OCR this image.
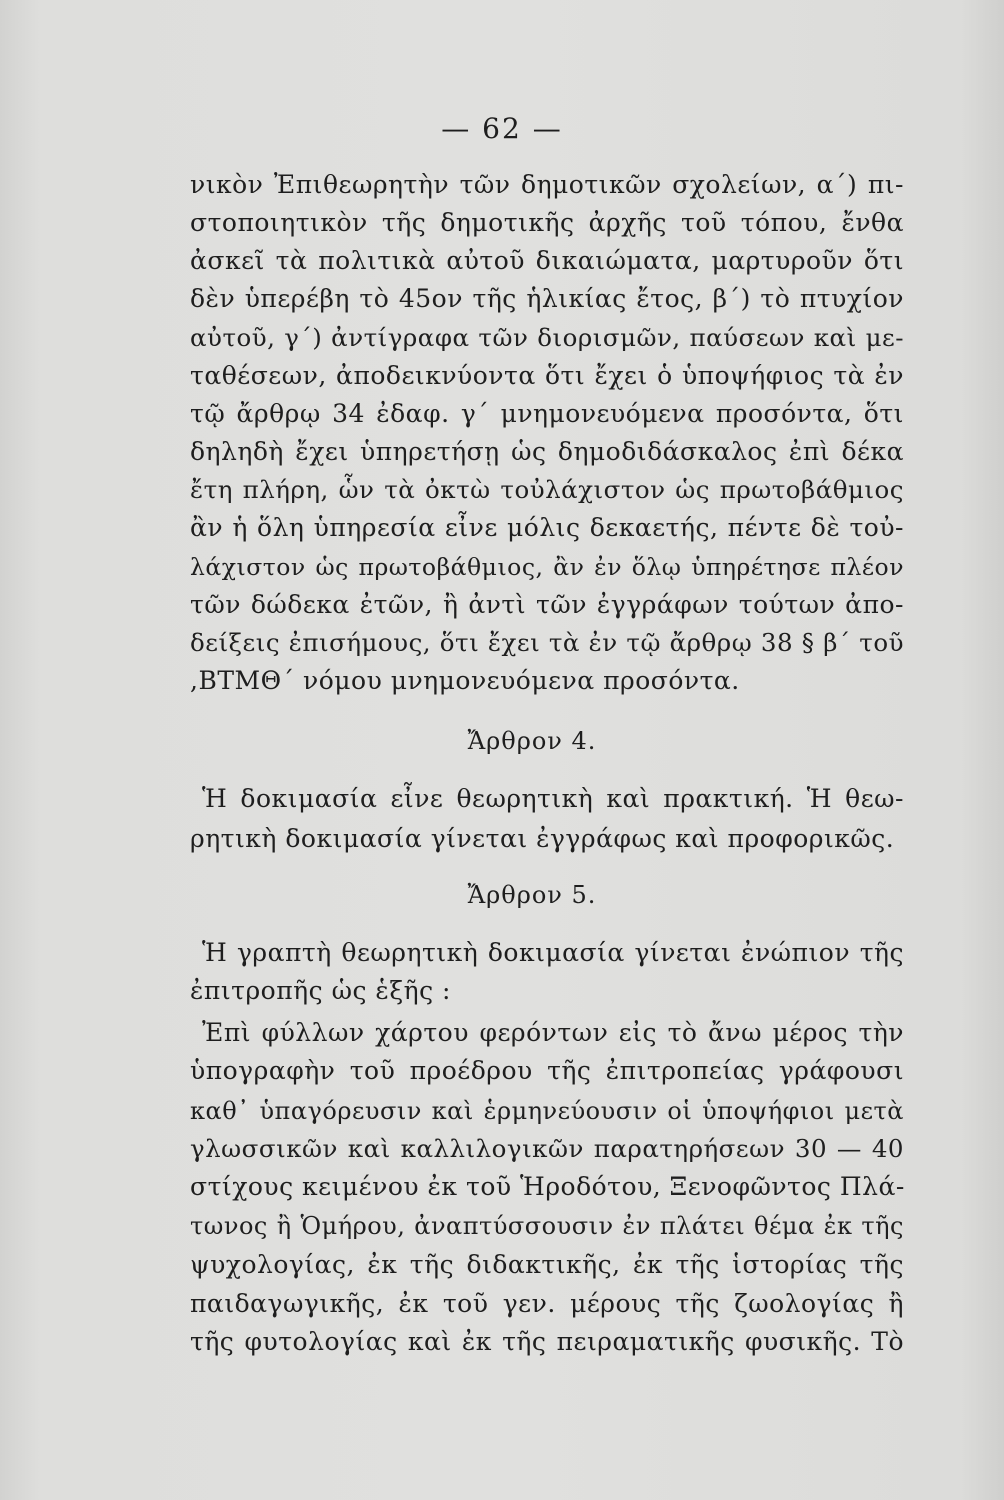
— 62 —
νικὸν Ἐπιθεωρητὴν τῶν δημοτικῶν σχολείων, α΄) πι-
στοποιητικὸν τῆς δημοτικῆς ἀρχῆς τοῦ τόπου, ἔνθα
ἀσκεῖ τὰ πολιτικὰ αὐτοῦ δικαιώματα, μαρτυροῦν ὅτι
δὲν ὑπερέβη τὸ 45ον τῆς ἡλικίας ἔτος, β΄) τὸ πτυχίον
αὐτοῦ, γ΄) ἀντίγραφα τῶν διορισμῶν, παύσεων καὶ με-
ταθέσεων, ἀποδεικνύοντα ὅτι ἔχει ὁ ὑποψήφιος τὰ ἐν
τῷ ἄρθρῳ 34 ἐδαφ. γ΄ μνημονευόμενα προσόντα, ὅτι
δηληδὴ ἔχει ὑπηρετήσῃ ὡς δημοδιδάσκαλος ἐπὶ δέκα
ἔτη πλήρη, ὧν τὰ ὀκτὼ τοὐλάχιστον ὡς πρωτοβάθμιος
ἂν ἡ ὅλη ὑπηρεσία εἶνε μόλις δεκαετής, πέντε δὲ τοὐ-
λάχιστον ὡς πρωτοβάθμιος, ἂν ἐν ὅλῳ ὑπηρέτησε πλέον
τῶν δώδεκα ἐτῶν, ἢ ἀντὶ τῶν ἐγγράφων τούτων ἀπο-
δείξεις ἐπισήμους, ὅτι ἔχει τὰ ἐν τῷ ἄρθρῳ 38 § β΄ τοῦ
,ΒΤΜΘ΄ νόμου μνημονευόμενα προσόντα.
Ἄρθρον 4.
Ἡ δοκιμασία εἶνε θεωρητικὴ καὶ πρακτική. Ἡ θεω-
ρητικὴ δοκιμασία γίνεται ἐγγράφως καὶ προφορικῶς.
Ἄρθρον 5.
Ἡ γραπτὴ θεωρητικὴ δοκιμασία γίνεται ἐνώπιον τῆς
ἐπιτροπῆς ὡς ἑξῆς :
Ἐπὶ φύλλων χάρτου φερόντων εἰς τὸ ἄνω μέρος τὴν
ὑπογραφὴν τοῦ προέδρου τῆς ἐπιτροπείας γράφουσι
καθ᾿ ὑπαγόρευσιν καὶ ἑρμηνεύουσιν οἱ ὑποψήφιοι μετὰ
γλωσσικῶν καὶ καλλιλογικῶν παρατηρήσεων 30 — 40
στίχους κειμένου ἐκ τοῦ Ἡροδότου, Ξενοφῶντος Πλά-
τωνος ἢ Ὁμήρου, ἀναπτύσσουσιν ἐν πλάτει θέμα ἐκ τῆς
ψυχολογίας, ἐκ τῆς διδακτικῆς, ἐκ τῆς ἱστορίας τῆς
παιδαγωγικῆς, ἐκ τοῦ γεν. μέρους τῆς ζωολογίας ἢ
τῆς φυτολογίας καὶ ἐκ τῆς πειραματικῆς φυσικῆς. Τὸ
